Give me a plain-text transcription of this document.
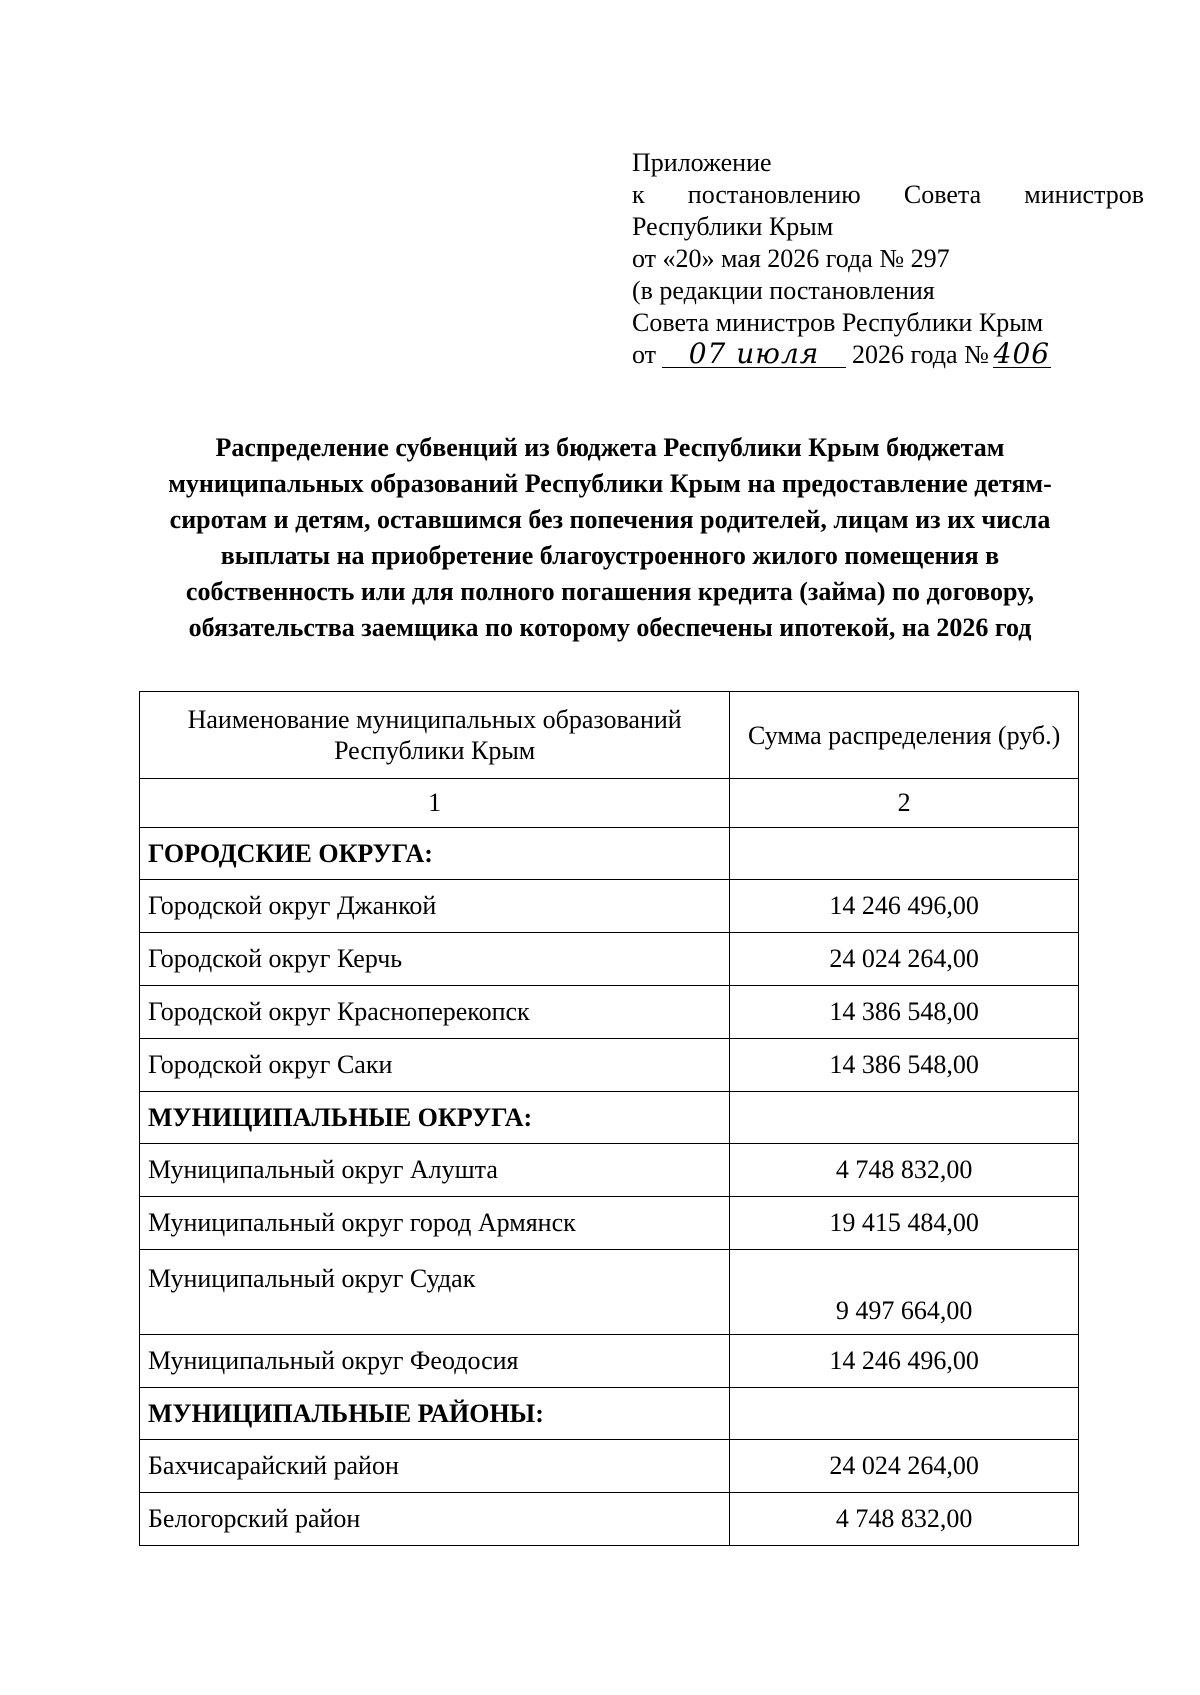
Приложение
к постановлению Совета министров
Республики Крым
от «20» мая 2026 года № 297
(в редакции постановления
Совета министров Республики Крым
от 07 июля 2026 года № 406
Распределение субвенций из бюджета Республики Крым бюджетам муниципальных образований Республики Крым на предоставление детям-сиротам и детям, оставшимся без попечения родителей, лицам из их числа выплаты на приобретение благоустроенного жилого помещения в собственность или для полного погашения кредита (займа) по договору, обязательства заемщика по которому обеспечены ипотекой, на 2026 год
Наименование муниципальных образований Республики Крым	Сумма распределения (руб.)
1	2
ГОРОДСКИЕ ОКРУГА:	
Городской округ Джанкой	14 246 496,00
Городской округ Керчь	24 024 264,00
Городской округ Красноперекопск	14 386 548,00
Городской округ Саки	14 386 548,00
МУНИЦИПАЛЬНЫЕ ОКРУГА:	
Муниципальный округ Алушта	4 748 832,00
Муниципальный округ город Армянск	19 415 484,00
Муниципальный округ Судак	9 497 664,00
Муниципальный округ Феодосия	14 246 496,00
МУНИЦИПАЛЬНЫЕ РАЙОНЫ:	
Бахчисарайский район	24 024 264,00
Белогорский район	4 748 832,00
